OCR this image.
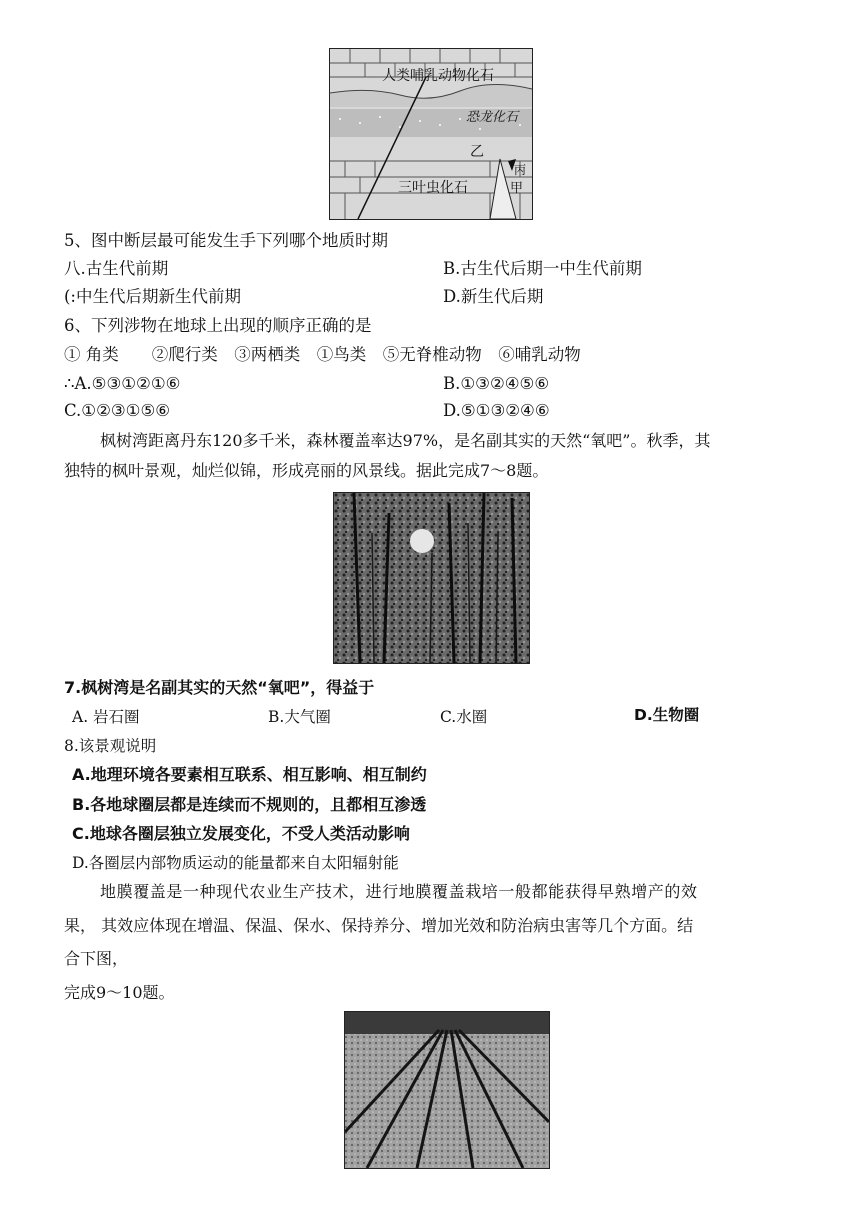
人类哺乳动物化石
恐龙化石
乙
三叶虫化石	甲
丙
5、图中断层最可能发生手下列哪个地质时期
八.古生代前期	B.古生代后期一中生代前期
(:中生代后期新生代前期	D.新生代后期
6、下列涉物在地球上出现的顺序正确的是
① 角类　　②爬行类　③两栖类　①鸟类　⑤无脊椎动物　⑥哺乳动物
∴A.⑤③①②①⑥	B.①③②④⑤⑥
C.①②③①⑤⑥	D.⑤①③②④⑥
枫树湾距离丹东120多千米，森林覆盖率达97%，是名副其实的天然“氧吧”。秋季，其
独特的枫叶景观，灿烂似锦，形成亮丽的风景线。据此完成7～8题。
7.枫树湾是名副其实的天然“氧吧”，得益于
A. 岩石圈	B.大气圈	C.水圈	D.生物圈
8.该景观说明
A.地理环境各要素相互联系、相互影响、相互制约
B.各地球圈层都是连续而不规则的，且都相互渗透
C.地球各圈层独立发展变化，不受人类活动影响
D.各圈层内部物质运动的能量都来自太阳辐射能
地膜覆盖是一种现代农业生产技术，进行地膜覆盖栽培一般都能获得早熟增产的效
果， 其效应体现在增温、保温、保水、保持养分、增加光效和防治病虫害等几个方面。结
合下图，
完成9～10题。
